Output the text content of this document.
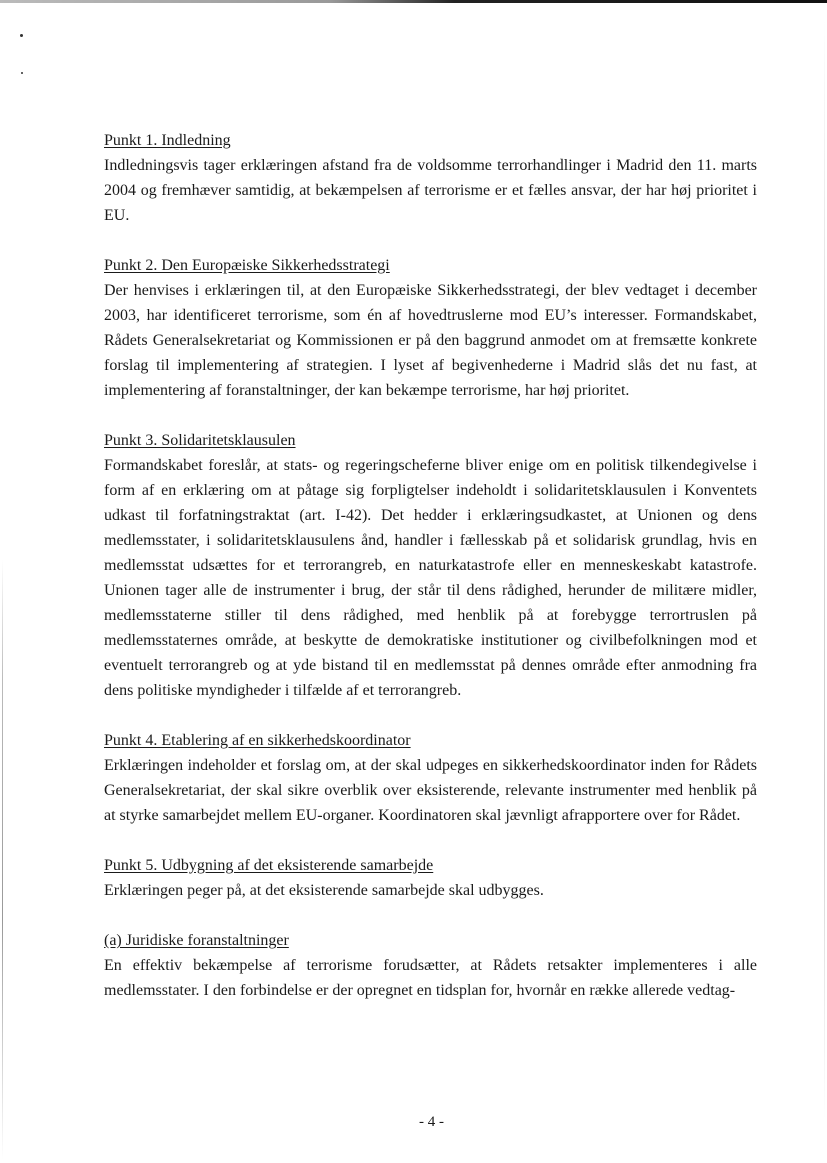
Punkt 1. Indledning
Indledningsvis tager erklæringen afstand fra de voldsomme terrorhandlinger i Madrid den 11. marts 2004 og fremhæver samtidig, at bekæmpelsen af terrorisme er et fælles ansvar, der har høj prioritet i EU.
Punkt 2. Den Europæiske Sikkerhedsstrategi
Der henvises i erklæringen til, at den Europæiske Sikkerhedsstrategi, der blev vedtaget i december 2003, har identificeret terrorisme, som én af hovedtruslerne mod EU’s interesser. Formandskabet, Rådets Generalsekretariat og Kommissionen er på den baggrund anmodet om at fremsætte konkrete forslag til implementering af strategien. I lyset af begivenhederne i Madrid slås det nu fast, at implementering af foranstaltninger, der kan bekæmpe terrorisme, har høj prioritet.
Punkt 3. Solidaritetsklausulen
Formandskabet foreslår, at stats- og regeringscheferne bliver enige om en politisk tilkendegivelse i form af en erklæring om at påtage sig forpligtelser indeholdt i solidaritetsklausulen i Konventets udkast til forfatningstraktat (art. I-42). Det hedder i erklæringsudkastet, at Unionen og dens medlemsstater, i solidaritetsklausulens ånd, handler i fællesskab på et solidarisk grundlag, hvis en medlemsstat udsættes for et terrorangreb, en naturkatastrofe eller en menneskeskabt katastrofe. Unionen tager alle de instrumenter i brug, der står til dens rådighed, herunder de militære midler, medlemsstaterne stiller til dens rådighed, med henblik på at forebygge terrortruslen på medlemsstaternes område, at beskytte de demokratiske institutioner og civilbefolkningen mod et eventuelt terrorangreb og at yde bistand til en medlemsstat på dennes område efter anmodning fra dens politiske myndigheder i tilfælde af et terrorangreb.
Punkt 4. Etablering af en sikkerhedskoordinator
Erklæringen indeholder et forslag om, at der skal udpeges en sikkerhedskoordinator inden for Rådets Generalsekretariat, der skal sikre overblik over eksisterende, relevante instrumenter med henblik på at styrke samarbejdet mellem EU-organer. Koordinatoren skal jævnligt afrapportere over for Rådet.
Punkt 5. Udbygning af det eksisterende samarbejde
Erklæringen peger på, at det eksisterende samarbejde skal udbygges.
(a) Juridiske foranstaltninger
En effektiv bekæmpelse af terrorisme forudsætter, at Rådets retsakter implementeres i alle medlemsstater. I den forbindelse er der opregnet en tidsplan for, hvornår en række allerede vedtag-
- 4 -
